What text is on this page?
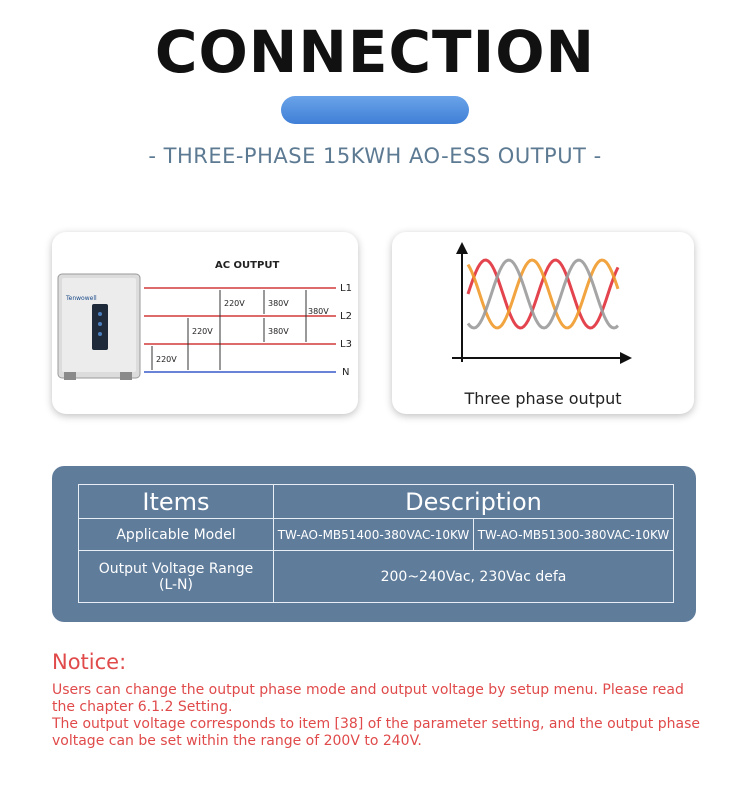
CONNECTION
- THREE-PHASE 15KWH AO-ESS OUTPUT -
Tenwowell
AC OUTPUT
L1
L2
L3
N
220V	380V
380V
220V	380V
220V
Three phase output
Items	Description	
Applicable Model	TW-AO-MB51400-380VAC-10KW	TW-AO-MB51300-380VAC-10KW
Output Voltage Range
(L-N)	200~240Vac, 230Vac defa	
Notice:

Users can change the output phase mode and output voltage by setup menu. Please read the chapter 6.1.2 Setting.

The output voltage corresponds to item [38] of the parameter setting, and the output phase voltage can be set within the range of 200V to 240V.
